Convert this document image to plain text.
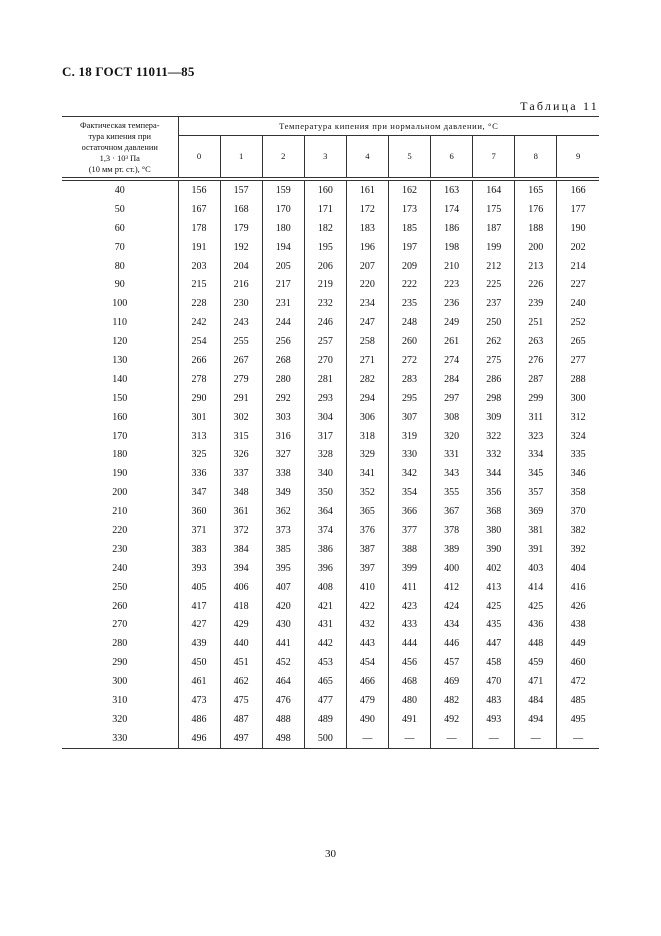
С. 18 ГОСТ 11011—85
Таблица 11
Фактическая темпера-
тура кипения при
остаточном давлении
1,3 · 10³ Па
(10 мм рт. ст.), °С	Температура кипения при нормальном давлении, °С									
	0	1	2	3	4	5	6	7	8	9

40	156	157	159	160	161	162	163	164	165	166
50	167	168	170	171	172	173	174	175	176	177
60	178	179	180	182	183	185	186	187	188	190
70	191	192	194	195	196	197	198	199	200	202
80	203	204	205	206	207	209	210	212	213	214
90	215	216	217	219	220	222	223	225	226	227
100	228	230	231	232	234	235	236	237	239	240
110	242	243	244	246	247	248	249	250	251	252
120	254	255	256	257	258	260	261	262	263	265
130	266	267	268	270	271	272	274	275	276	277
140	278	279	280	281	282	283	284	286	287	288
150	290	291	292	293	294	295	297	298	299	300
160	301	302	303	304	306	307	308	309	311	312
170	313	315	316	317	318	319	320	322	323	324
180	325	326	327	328	329	330	331	332	334	335
190	336	337	338	340	341	342	343	344	345	346
200	347	348	349	350	352	354	355	356	357	358
210	360	361	362	364	365	366	367	368	369	370
220	371	372	373	374	376	377	378	380	381	382
230	383	384	385	386	387	388	389	390	391	392
240	393	394	395	396	397	399	400	402	403	404
250	405	406	407	408	410	411	412	413	414	416
260	417	418	420	421	422	423	424	425	425	426
270	427	429	430	431	432	433	434	435	436	438
280	439	440	441	442	443	444	446	447	448	449
290	450	451	452	453	454	456	457	458	459	460
300	461	462	464	465	466	468	469	470	471	472
310	473	475	476	477	479	480	482	483	484	485
320	486	487	488	489	490	491	492	493	494	495
330	496	497	498	500	—	—	—	—	—	—
30
